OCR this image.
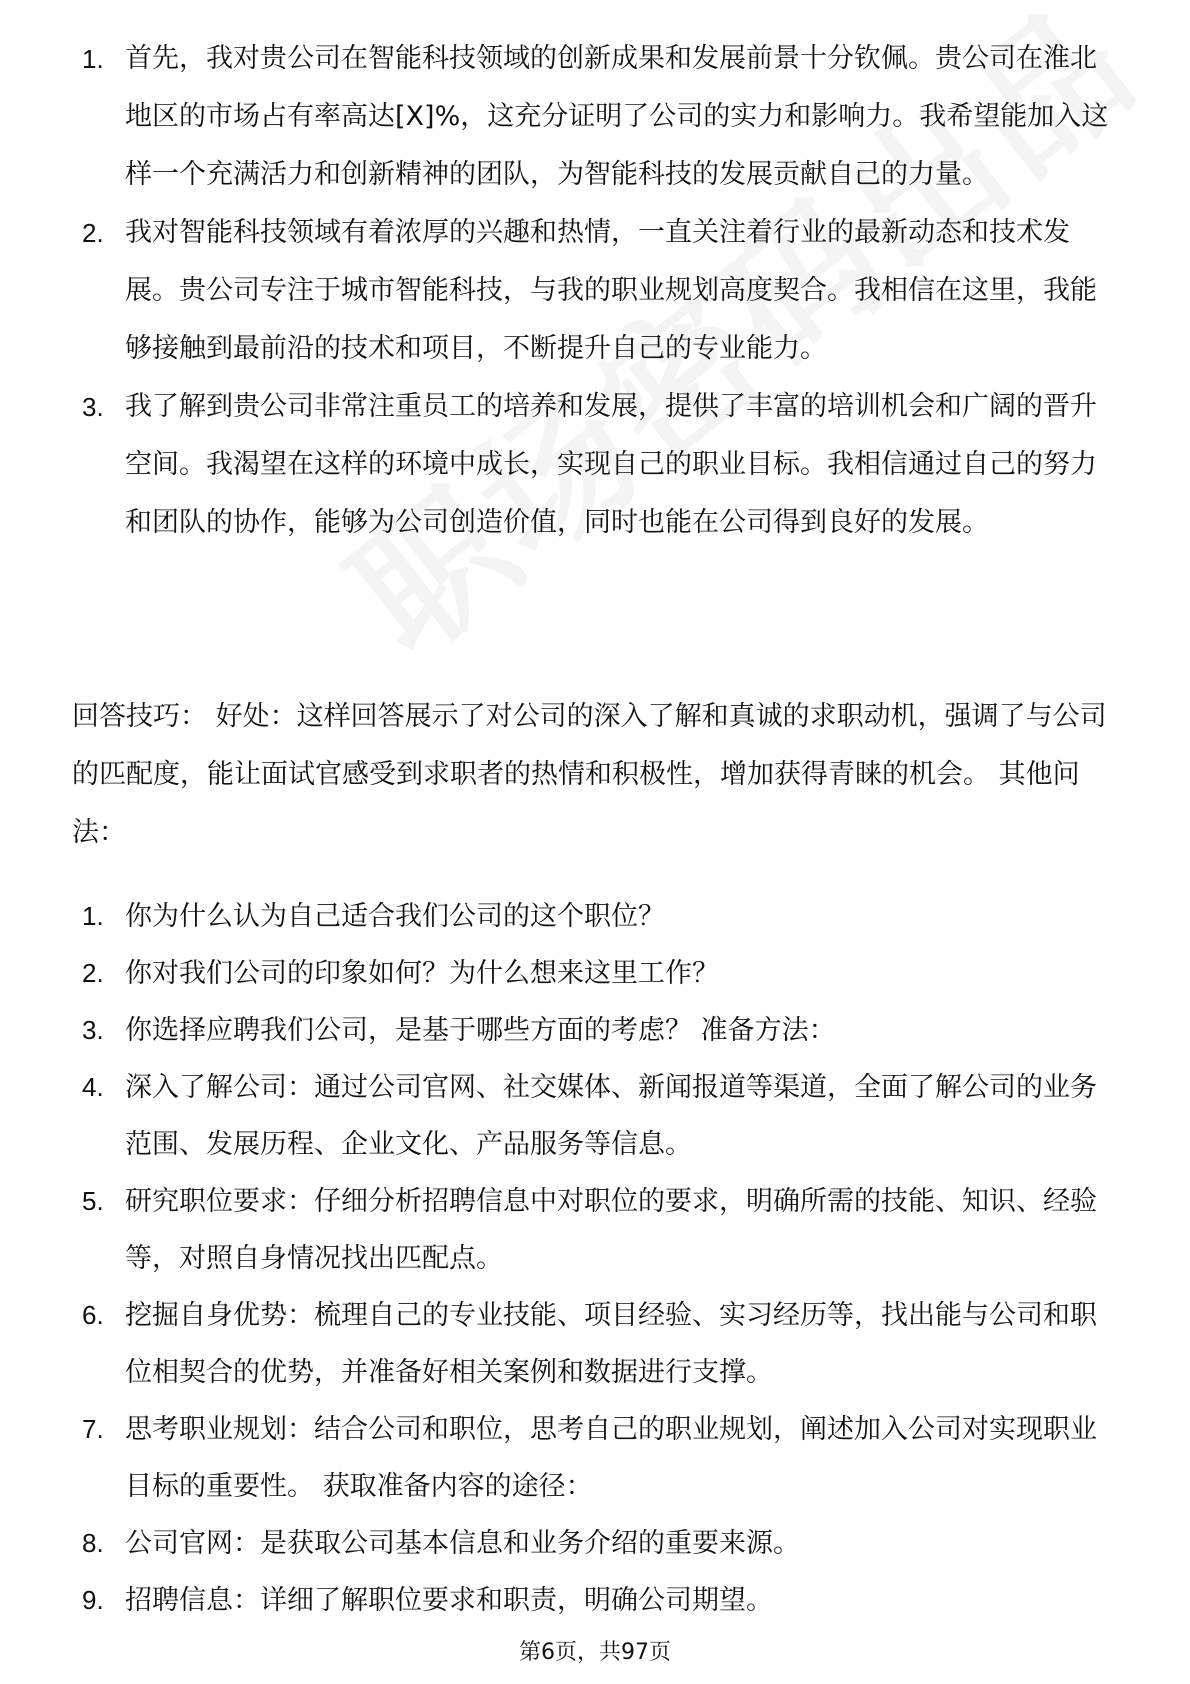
1. 首先，我对贵公司在智能科技领域的创新成果和发展前景十分钦佩。贵公司在淮北地区的市场占有率高达[X]%，这充分证明了公司的实力和影响力。我希望能加入这样一个充满活力和创新精神的团队，为智能科技的发展贡献自己的力量。
2. 我对智能科技领域有着浓厚的兴趣和热情，一直关注着行业的最新动态和技术发展。贵公司专注于城市智能科技，与我的职业规划高度契合。我相信在这里，我能够接触到最前沿的技术和项目，不断提升自己的专业能力。
3. 我了解到贵公司非常注重员工的培养和发展，提供了丰富的培训机会和广阔的晋升空间。我渴望在这样的环境中成长，实现自己的职业目标。我相信通过自己的努力和团队的协作，能够为公司创造价值，同时也能在公司得到良好的发展。

回答技巧： 好处：这样回答展示了对公司的深入了解和真诚的求职动机，强调了与公司的匹配度，能让面试官感受到求职者的热情和积极性，增加获得青睐的机会。 其他问法：

1. 你为什么认为自己适合我们公司的这个职位？
2. 你对我们公司的印象如何？为什么想来这里工作？
3. 你选择应聘我们公司，是基于哪些方面的考虑？ 准备方法：
4. 深入了解公司：通过公司官网、社交媒体、新闻报道等渠道，全面了解公司的业务范围、发展历程、企业文化、产品服务等信息。
5. 研究职位要求：仔细分析招聘信息中对职位的要求，明确所需的技能、知识、经验等，对照自身情况找出匹配点。
6. 挖掘自身优势：梳理自己的专业技能、项目经验、实习经历等，找出能与公司和职位相契合的优势，并准备好相关案例和数据进行支撑。
7. 思考职业规划：结合公司和职位，思考自己的职业规划，阐述加入公司对实现职业目标的重要性。 获取准备内容的途径：
8. 公司官网：是获取公司基本信息和业务介绍的重要来源。
9. 招聘信息：详细了解职位要求和职责，明确公司期望。
第6页，共97页
